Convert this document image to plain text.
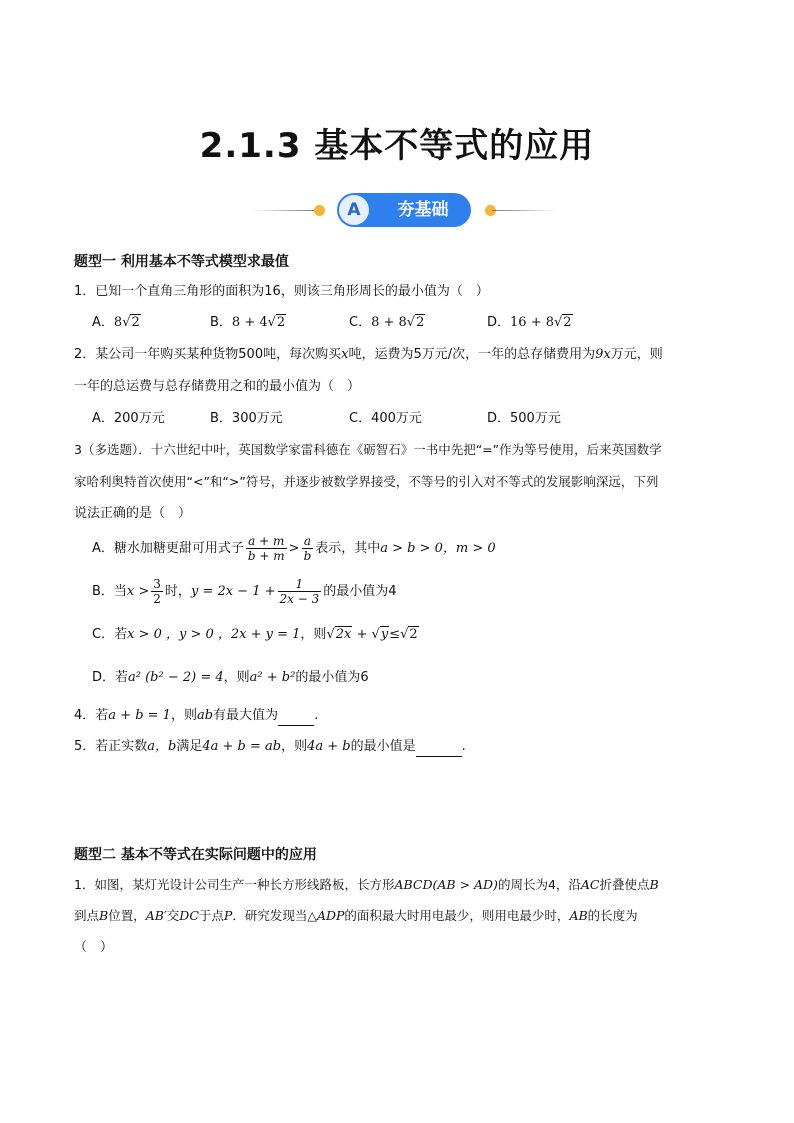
2.1.3 基本不等式的应用
A	夯基础
题型一 利用基本不等式模型求最值
1．已知一个直角三角形的面积为16，则该三角形周长的最小值为（　）
A．8√2	B．8 + 4√2	C．8 + 8√2	D．16 + 8√2
2．某公司一年购买某种货物500吨，每次购买x吨，运费为5万元/次，一年的总存储费用为9x万元，则
一年的总运费与总存储费用之和的最小值为（　）
A．200万元	B．300万元	C．400万元	D．500万元
3（多选题）．十六世纪中叶，英国数学家雷科德在《砺智石》一书中先把“=”作为等号使用，后来英国数学
家哈利奥特首次使用“<”和“>”符号，并逐步被数学界接受，不等号的引入对不等式的发展影响深远，下列
说法正确的是（　）
A．糖水加糖更甜可用式子 $\frac{a + m}{b + m} > \frac{a}{b}$ 表示，其中a > b > 0，m > 0
B．当$x > \frac{3}{2}$ 时，$y = 2x - 1 + \frac{1}{2x - 3}$ 的最小值为4
C．若x > 0 ，y > 0 ，2x + y = 1，则√2x + √y≤√2
D．若a² (b² − 2) = 4，则a² + b²的最小值为6
4．若a + b = 1，则ab有最大值为	.
5．若正实数a，b满足4a + b = ab，则4a + b的最小值是	.
题型二 基本不等式在实际问题中的应用
1．如图，某灯光设计公司生产一种长方形线路板，长方形ABCD(AB > AD)的周长为4，沿AC折叠使点B
到点B位置，AB′交DC于点P．研究发现当△ADP的面积最大时用电最少，则用电最少时，AB的长度为
（　）
